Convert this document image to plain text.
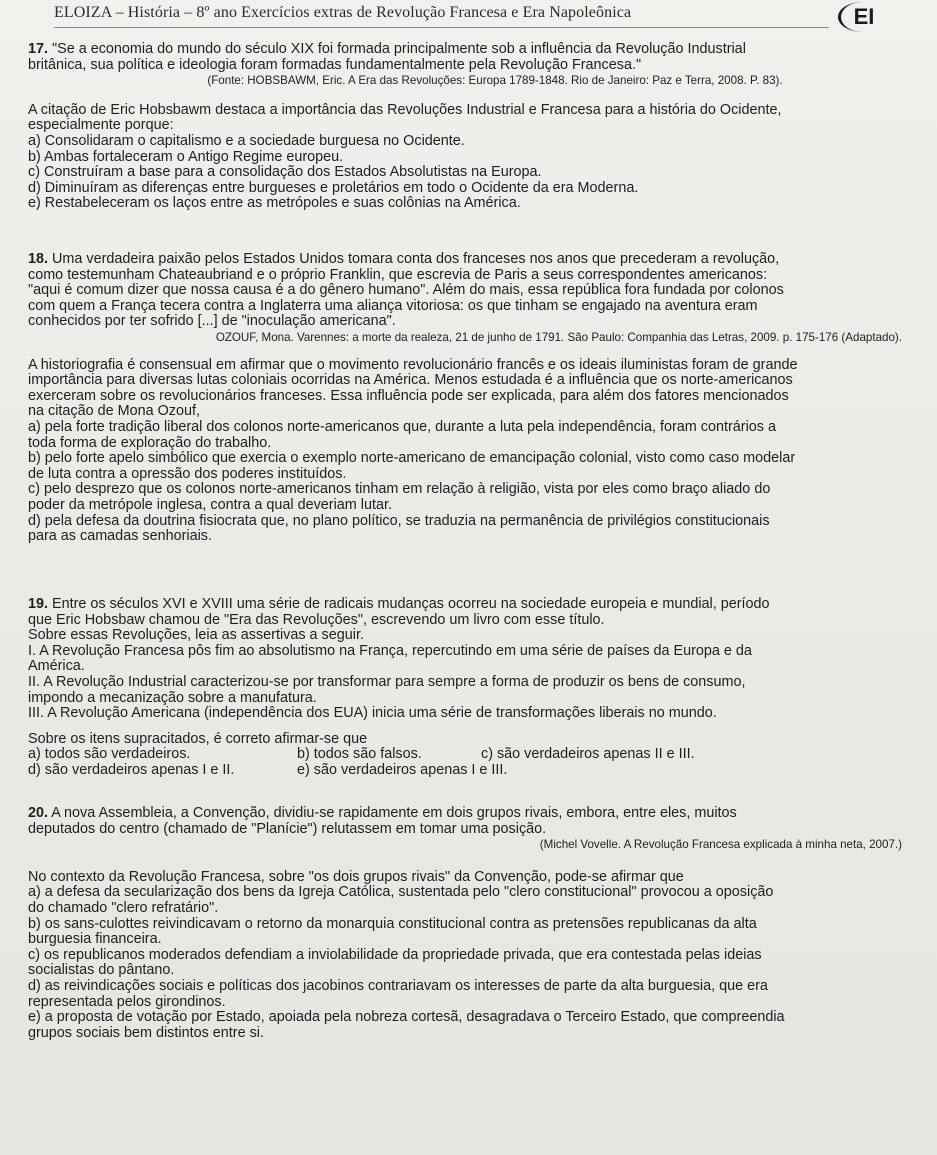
ELOIZA – História – 8º ano Exercícios extras de Revolução Francesa e Era Napoleônica	EI

17. "Se a economia do mundo do século XIX foi formada principalmente sob a influência da Revolução Industrial

britânica, sua política e ideologia foram formadas fundamentalmente pela Revolução Francesa."

(Fonte: HOBSBAWM, Eric. A Era das Revoluções: Europa 1789-1848. Rio de Janeiro: Paz e Terra, 2008. P. 83).

A citação de Eric Hobsbawm destaca a importância das Revoluções Industrial e Francesa para a história do Ocidente,

especialmente porque:

a) Consolidaram o capitalismo e a sociedade burguesa no Ocidente.

b) Ambas fortaleceram o Antigo Regime europeu.

c) Construíram a base para a consolidação dos Estados Absolutistas na Europa.

d) Diminuíram as diferenças entre burgueses e proletários em todo o Ocidente da era Moderna.

e) Restabeleceram os laços entre as metrópoles e suas colônias na América.

18. Uma verdadeira paixão pelos Estados Unidos tomara conta dos franceses nos anos que precederam a revolução,

como testemunham Chateaubriand e o próprio Franklin, que escrevia de Paris a seus correspondentes americanos:

"aqui é comum dizer que nossa causa é a do gênero humano". Além do mais, essa república fora fundada por colonos

com quem a França tecera contra a Inglaterra uma aliança vitoriosa: os que tinham se engajado na aventura eram

conhecidos por ter sofrido [...] de "inoculação americana".

OZOUF, Mona. Varennes: a morte da realeza, 21 de junho de 1791. São Paulo: Companhia das Letras, 2009. p. 175-176 (Adaptado).

A historiografia é consensual em afirmar que o movimento revolucionário francês e os ideais iluministas foram de grande

importância para diversas lutas coloniais ocorridas na América. Menos estudada é a influência que os norte-americanos

exerceram sobre os revolucionários franceses. Essa influência pode ser explicada, para além dos fatores mencionados

na citação de Mona Ozouf,

a) pela forte tradição liberal dos colonos norte-americanos que, durante a luta pela independência, foram contrários a

toda forma de exploração do trabalho.

b) pelo forte apelo simbólico que exercia o exemplo norte-americano de emancipação colonial, visto como caso modelar

de luta contra a opressão dos poderes instituídos.

c) pelo desprezo que os colonos norte-americanos tinham em relação à religião, vista por eles como braço aliado do

poder da metrópole inglesa, contra a qual deveriam lutar.

d) pela defesa da doutrina fisiocrata que, no plano político, se traduzia na permanência de privilégios constitucionais

para as camadas senhoriais.

19. Entre os séculos XVI e XVIII uma série de radicais mudanças ocorreu na sociedade europeia e mundial, período

que Eric Hobsbaw chamou de "Era das Revoluções", escrevendo um livro com esse título.

Sobre essas Revoluções, leia as assertivas a seguir.

I. A Revolução Francesa pôs fim ao absolutismo na França, repercutindo em uma série de países da Europa e da

América.

II. A Revolução Industrial caracterizou-se por transformar para sempre a forma de produzir os bens de consumo,

impondo a mecanização sobre a manufatura.

III. A Revolução Americana (independência dos EUA) inicia uma série de transformações liberais no mundo.

Sobre os itens supracitados, é correto afirmar-se que

a) todos são verdadeiros.	b) todos são falsos.	c) são verdadeiros apenas II e III.
d) são verdadeiros apenas I e II.	e) são verdadeiros apenas I e III.

20. A nova Assembleia, a Convenção, dividiu-se rapidamente em dois grupos rivais, embora, entre eles, muitos

deputados do centro (chamado de "Planície") relutassem em tomar uma posição.

(Michel Vovelle. A Revolução Francesa explicada à minha neta, 2007.)

No contexto da Revolução Francesa, sobre "os dois grupos rivais" da Convenção, pode-se afirmar que

a) a defesa da secularização dos bens da Igreja Católica, sustentada pelo "clero constitucional" provocou a oposição

do chamado "clero refratário".

b) os sans-culottes reivindicavam o retorno da monarquia constitucional contra as pretensões republicanas da alta

burguesia financeira.

c) os republicanos moderados defendiam a inviolabilidade da propriedade privada, que era contestada pelas ideias

socialistas do pântano.

d) as reivindicações sociais e políticas dos jacobinos contrariavam os interesses de parte da alta burguesia, que era

representada pelos girondinos.

e) a proposta de votação por Estado, apoiada pela nobreza cortesã, desagradava o Terceiro Estado, que compreendia

grupos sociais bem distintos entre si.
